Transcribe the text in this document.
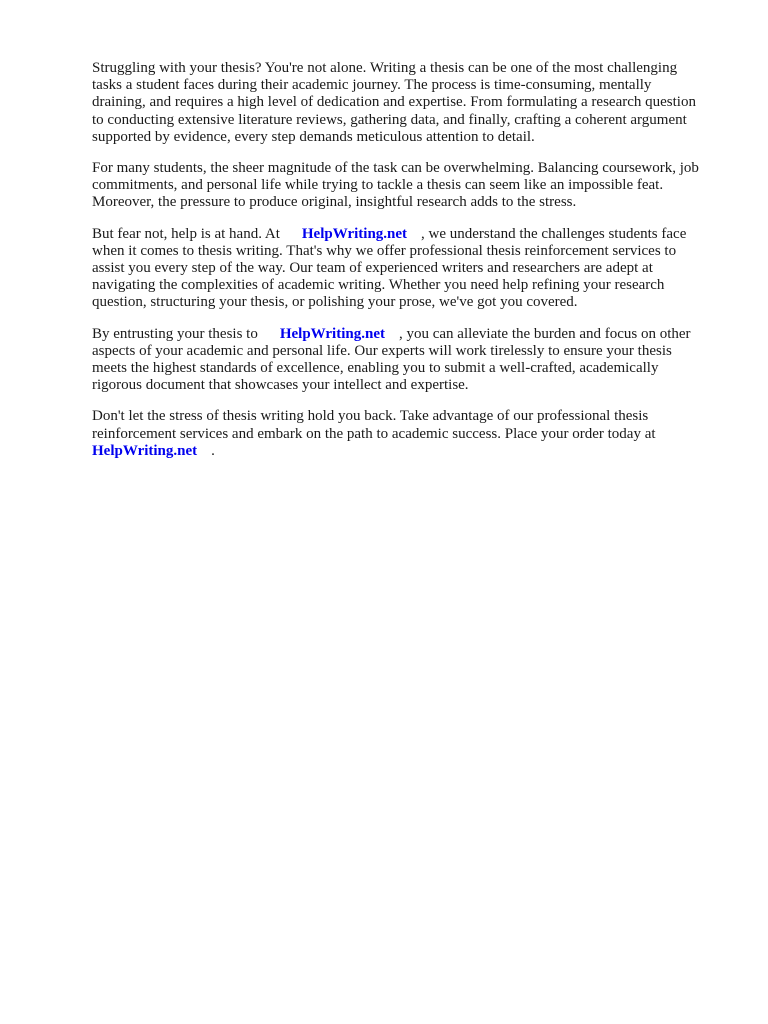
Struggling with your thesis? You're not alone. Writing a thesis can be one of the most challenging
tasks a student faces during their academic journey. The process is time-consuming, mentally
draining, and requires a high level of dedication and expertise. From formulating a research question
to conducting extensive literature reviews, gathering data, and finally, crafting a coherent argument
supported by evidence, every step demands meticulous attention to detail.

For many students, the sheer magnitude of the task can be overwhelming. Balancing coursework, job
commitments, and personal life while trying to tackle a thesis can seem like an impossible feat.
Moreover, the pressure to produce original, insightful research adds to the stress.

But fear not, help is at hand. At HelpWriting.net , we understand the challenges students face
when it comes to thesis writing. That's why we offer professional thesis reinforcement services to
assist you every step of the way. Our team of experienced writers and researchers are adept at
navigating the complexities of academic writing. Whether you need help refining your research
question, structuring your thesis, or polishing your prose, we've got you covered.

By entrusting your thesis to HelpWriting.net , you can alleviate the burden and focus on other
aspects of your academic and personal life. Our experts will work tirelessly to ensure your thesis
meets the highest standards of excellence, enabling you to submit a well-crafted, academically
rigorous document that showcases your intellect and expertise.

Don't let the stress of thesis writing hold you back. Take advantage of our professional thesis
reinforcement services and embark on the path to academic success. Place your order today at
HelpWriting.net .
